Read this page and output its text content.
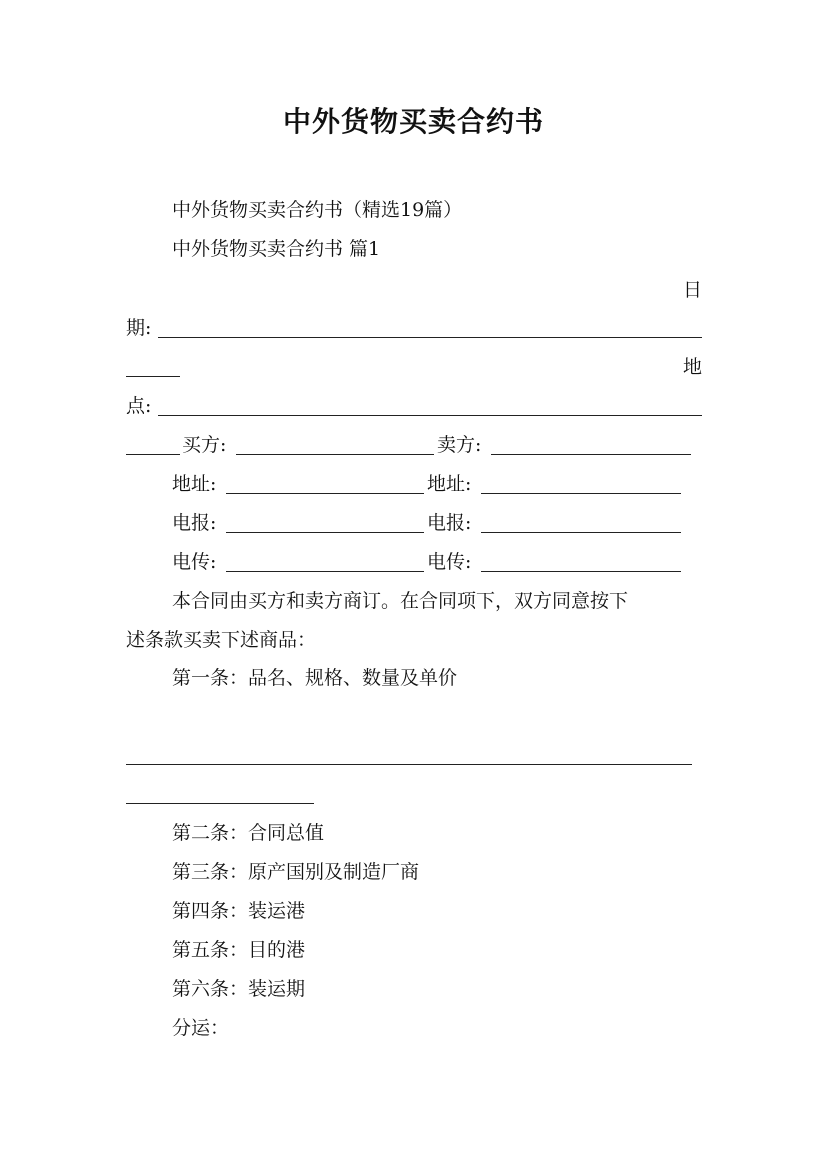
中外货物买卖合约书
中外货物买卖合约书（精选19篇）
中外货物买卖合约书 篇1
日
期:
地
点:
买方:	卖方:
地址:	地址:
电报:	电报:
电传:	电传:
本合同由买方和卖方商订。在合同项下，双方同意按下
述条款买卖下述商品：
第一条：品名、规格、数量及单价
第二条：合同总值
第三条：原产国别及制造厂商
第四条：装运港
第五条：目的港
第六条：装运期
分运：
